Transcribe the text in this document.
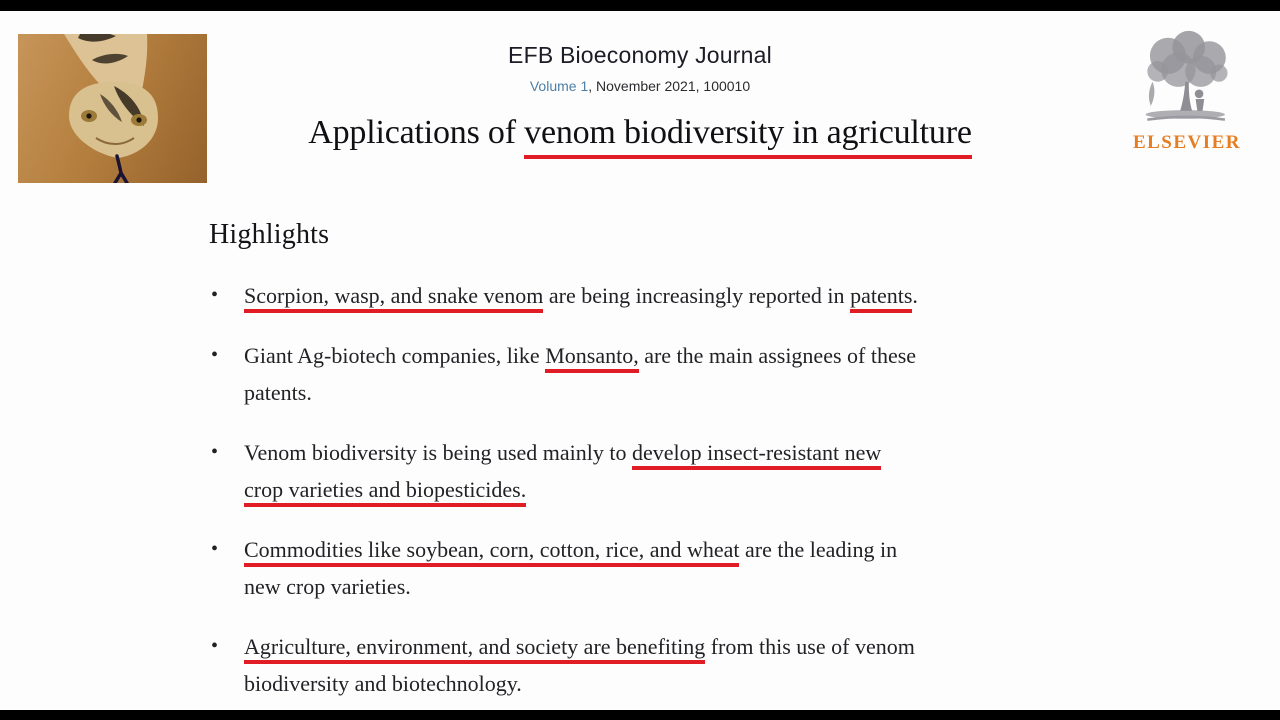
EFB Bioeconomy Journal
Volume 1, November 2021, 100010
Applications of venom biodiversity in agriculture	ELSEVIER
Highlights
• Scorpion, wasp, and snake venom are being increasingly reported in patents.
• Giant Ag-biotech companies, like Monsanto, are the main assignees of these
patents.
• Venom biodiversity is being used mainly to develop insect-resistant new
crop varieties and biopesticides.
• Commodities like soybean, corn, cotton, rice, and wheat are the leading in
new crop varieties.
• Agriculture, environment, and society are benefiting from this use of venom
biodiversity and biotechnology.
